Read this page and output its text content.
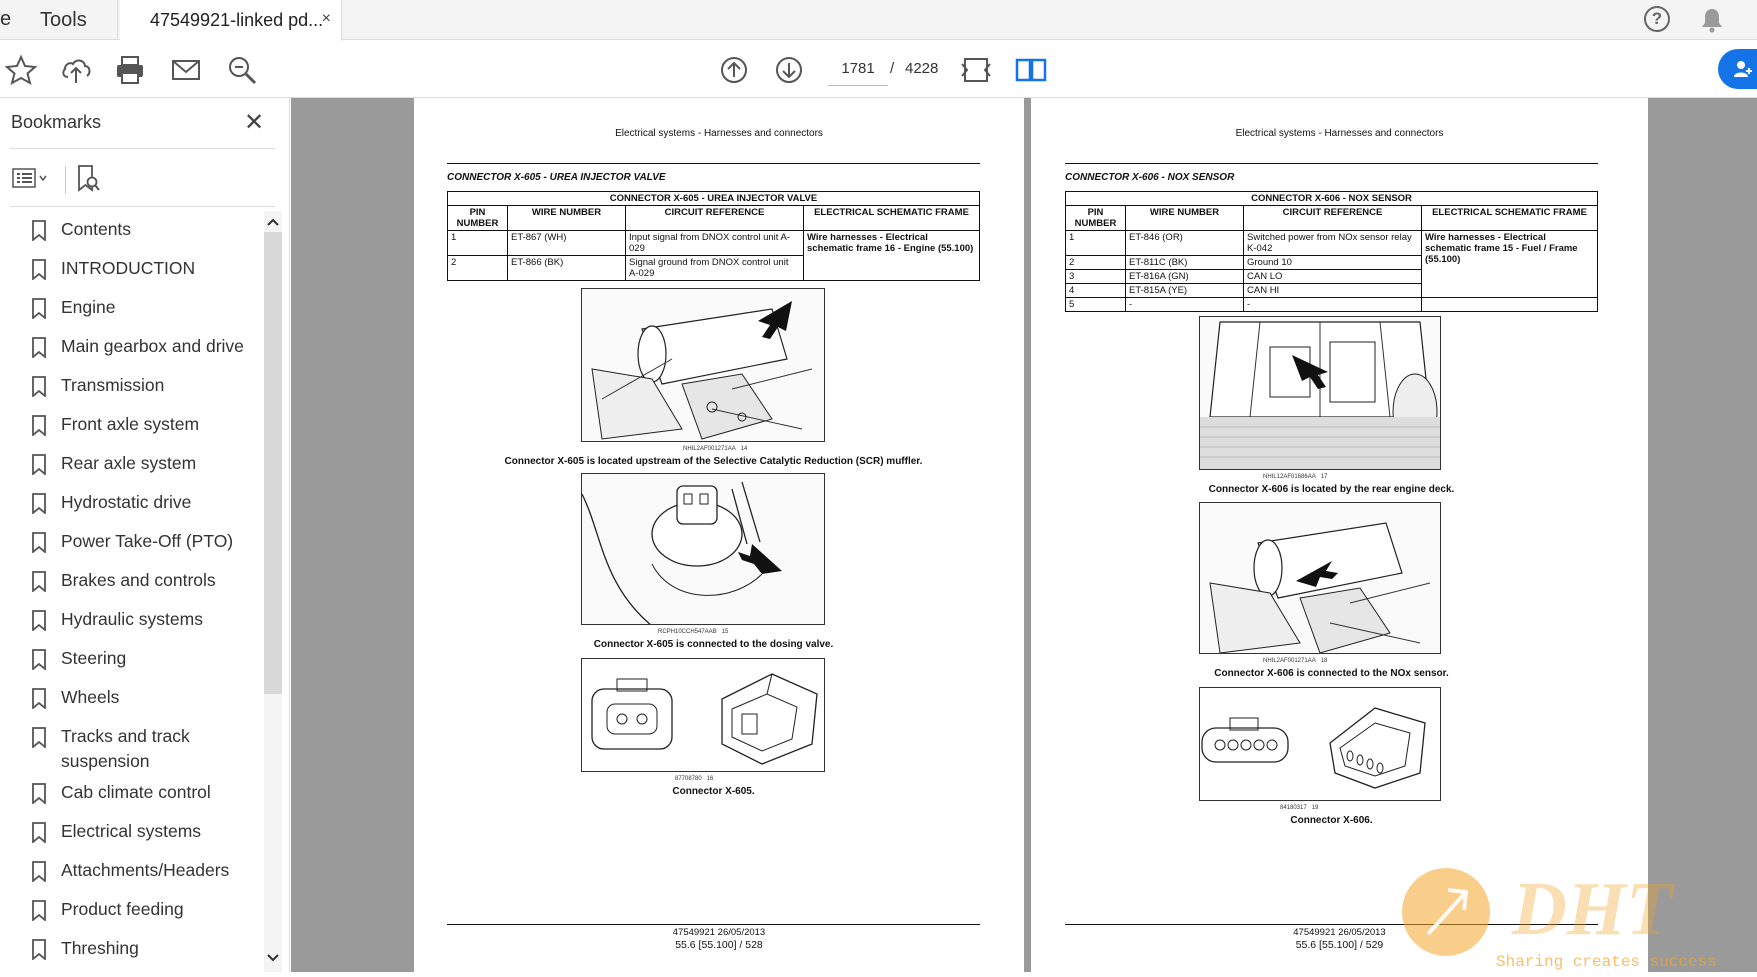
e	Tools	47549921-linked pd...
×	?
1781	/ 4228
Bookmarks	✕
Contents
INTRODUCTION
Engine
Main gearbox and drive
Transmission
Front axle system
Rear axle system
Hydrostatic drive
Power Take-Off (PTO)
Brakes and controls
Hydraulic systems
Steering
Wheels
Tracks and track suspension
Cab climate control
Electrical systems
Attachments/Headers
Product feeding
Threshing
Electrical systems - Harnesses and connectors
CONNECTOR X-605 - UREA INJECTOR VALVE
CONNECTOR X-605 - UREA INJECTOR VALVE			
PIN NUMBER	WIRE NUMBER	CIRCUIT REFERENCE	ELECTRICAL SCHEMATIC FRAME
1	ET-867 (WH)	Input signal from DNOX control unit A-029	Wire harnesses - Electrical schematic frame 16 - Engine (55.100)
2	ET-866 (BK)	Signal ground from DNOX control unit A-029	
NHIL2AF001271AA 14
Connector X-605 is located upstream of the Selective Catalytic Reduction (SCR) muffler.
RCPH10CCH547AAB 15
Connector X-605 is connected to the dosing valve.
87708780 16
Connector X-605.
47549921 26/05/2013
55.6 [55.100] / 528
Electrical systems - Harnesses and connectors
CONNECTOR X-606 - NOX SENSOR
CONNECTOR X-606 - NOX SENSOR			
PIN NUMBER	WIRE NUMBER	CIRCUIT REFERENCE	ELECTRICAL SCHEMATIC FRAME
1	ET-846 (OR)	Switched power from NOx sensor relay K-042	Wire harnesses - Electrical schematic frame 15 - Fuel / Frame (55.100)
2	ET-811C (BK)	Ground 10	
3	ET-816A (GN)	CAN LO	
4	ET-815A (YE)	CAN HI	
5	-	-	
NHIL12AF01686AA 17
Connector X-606 is located by the rear engine deck.
NHIL2AF001271AA 18
Connector X-606 is connected to the NOx sensor.
84180317 19
Connector X-606.
47549921 26/05/2013
55.6 [55.100] / 529	DHT
Sharing creates success
